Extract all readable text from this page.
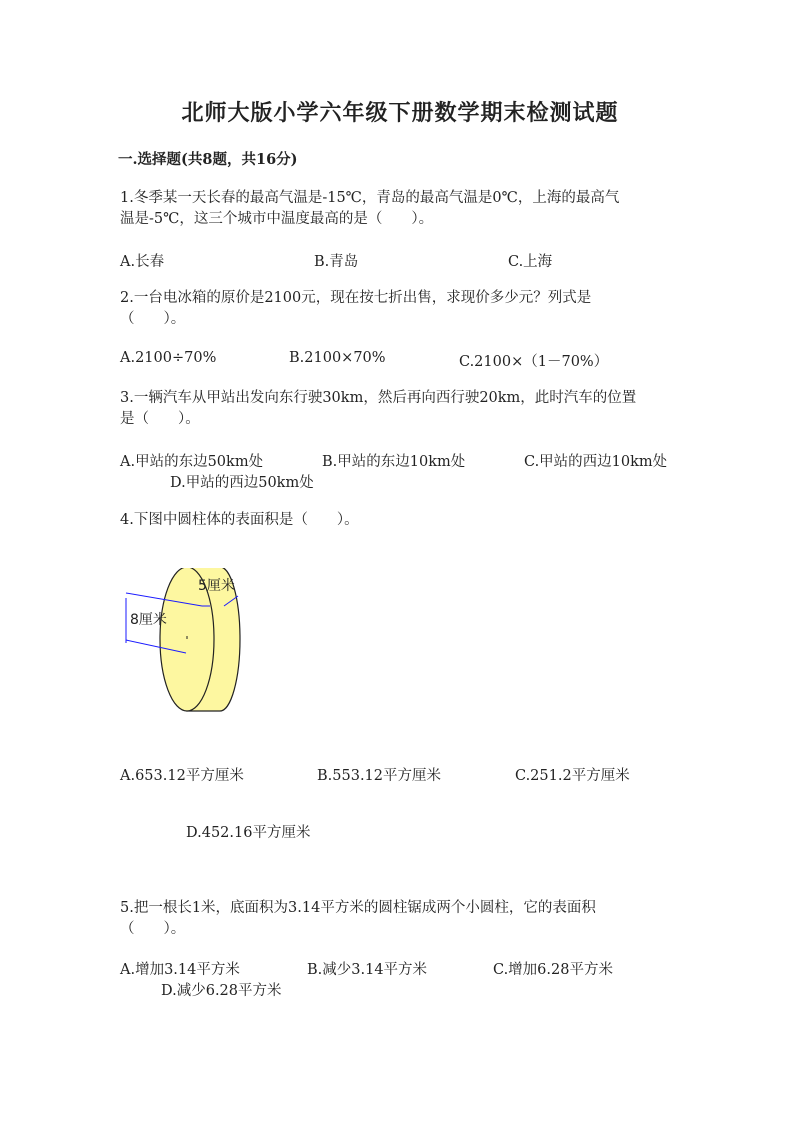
北师大版小学六年级下册数学期末检测试题
一.选择题(共8题，共16分)
1.冬季某一天长春的最高气温是-15℃，青岛的最高气温是0℃，上海的最高气
温是-5℃，这三个城市中温度最高的是（　　）。
A.长春	B.青岛	C.上海
2.一台电冰箱的原价是2100元，现在按七折出售，求现价多少元？列式是
（　　）。
A.2100÷70%	B.2100×70%	C.2100×（1－70%）
3.一辆汽车从甲站出发向东行驶30km，然后再向西行驶20km，此时汽车的位置
是（　　）。
A.甲站的东边50km处	B.甲站的东边10km处	C.甲站的西边10km处
D.甲站的西边50km处
4.下图中圆柱体的表面积是（　　）。
5厘米
8厘米
A.653.12平方厘米	B.553.12平方厘米	C.251.2平方厘米
D.452.16平方厘米
5.把一根长1米，底面积为3.14平方米的圆柱锯成两个小圆柱，它的表面积
（　　）。
A.增加3.14平方米	B.减少3.14平方米	C.增加6.28平方米
D.减少6.28平方米
